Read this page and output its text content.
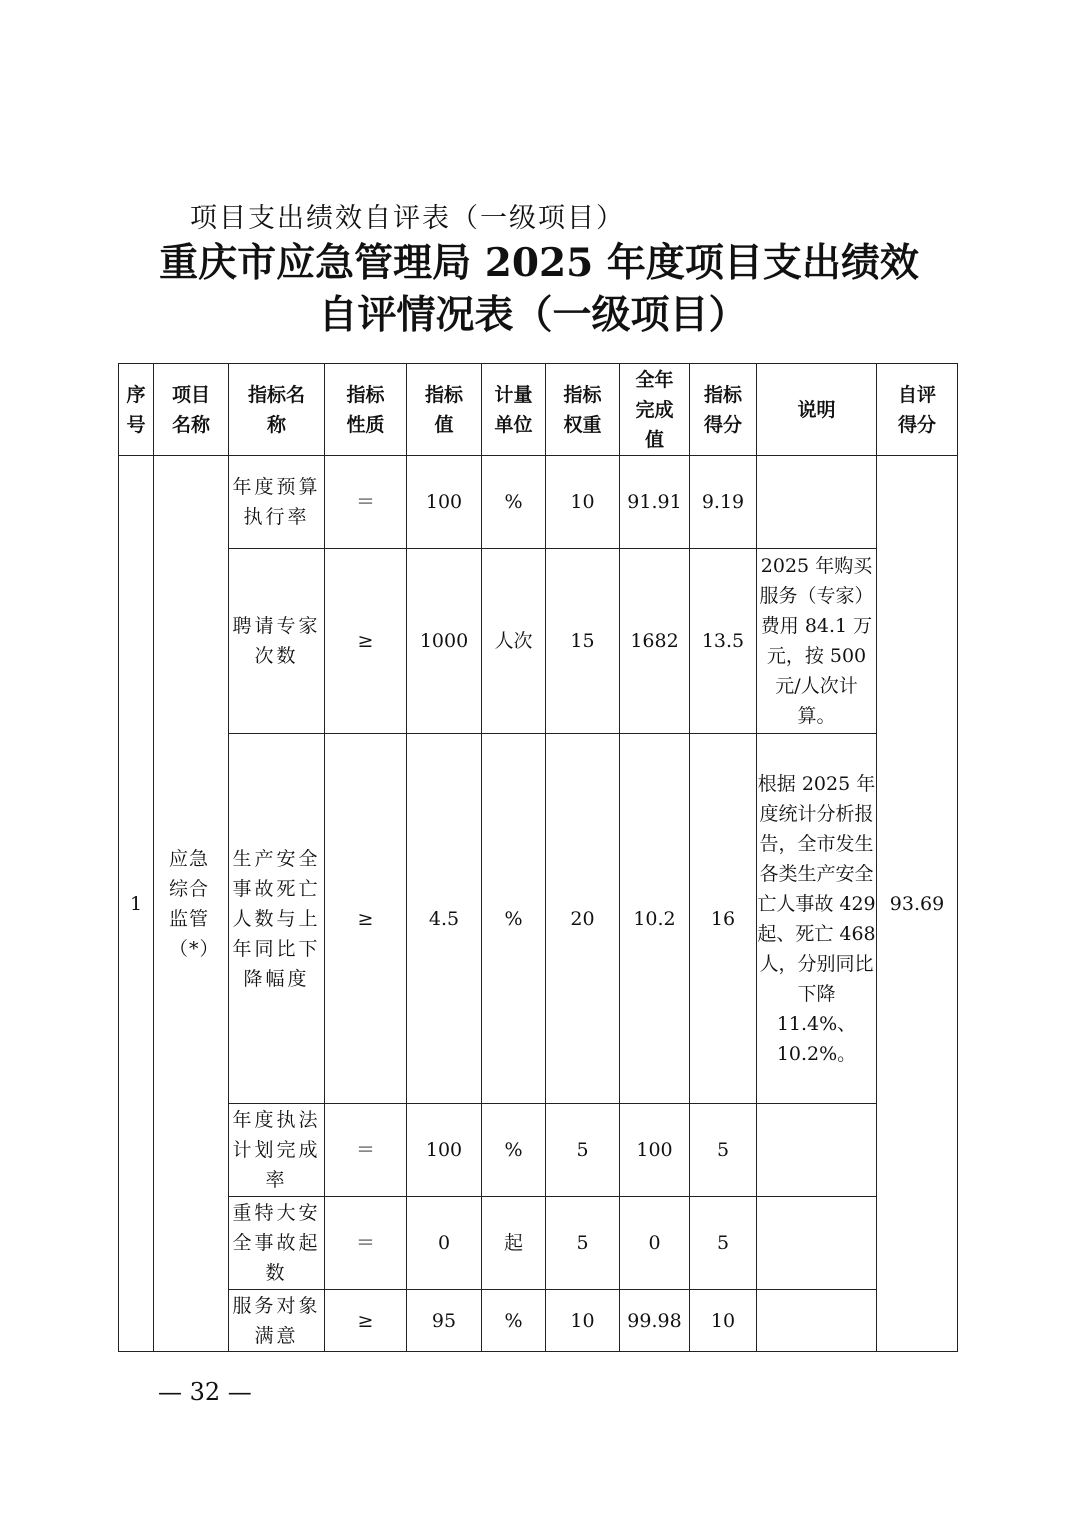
项目支出绩效自评表（一级项目）
重庆市应急管理局 2025 年度项目支出绩效
自评情况表（一级项目）
序号	项目名称	指标名称	指标性质	指标值	计量单位	指标权重	全年完成值	指标得分	说明	自评得分

1	应急综合监管（*）	年度预算执行率	＝	100	%	10	91.91	9.19		93.69
		聘请专家次数	≥	1000	人次	15	1682	13.5	2025 年购买服务（专家）费用 84.1 万元，按 500 元/人次计算。	
		生产安全事故死亡人数与上年同比下降幅度	≥	4.5	%	20	10.2	16	根据 2025 年度统计分析报告，全市发生各类生产安全亡人事故 429 起、死亡 468 人，分别同比下降 11.4%、10.2%。	
		年度执法计划完成率	＝	100	%	5	100	5		
		重特大安全事故起数	＝	0	起	5	0	5		
		服务对象满意	≥	95	%	10	99.98	10		
— 32 —
